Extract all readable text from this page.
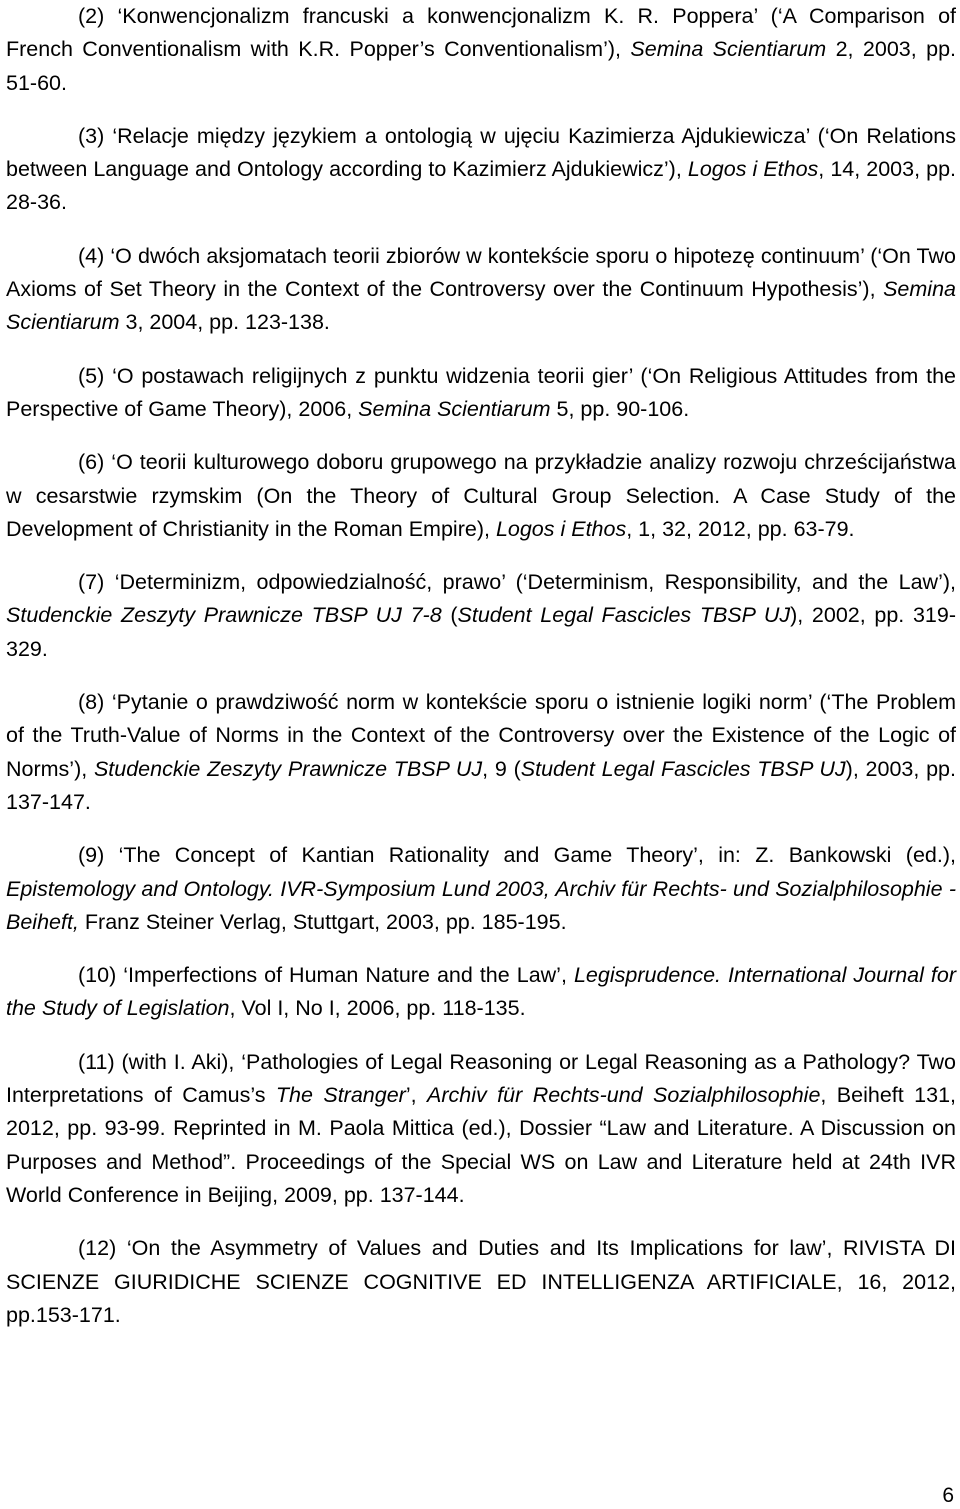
(2) ‘Konwencjonalizm francuski a konwencjonalizm K. R. Poppera’ (‘A Comparison of French Conventionalism with K.R. Popper’s Conventionalism’), Semina Scientiarum 2, 2003, pp. 51-60.

(3) ‘Relacje między językiem a ontologią w ujęciu Kazimierza Ajdukiewicza’ (‘On Relations between Language and Ontology according to Kazimierz Ajdukiewicz’), Logos i Ethos, 14, 2003, pp. 28-36.

(4) ‘O dwóch aksjomatach teorii zbiorów w kontekście sporu o hipotezę continuum’ (‘On Two Axioms of Set Theory in the Context of the Controversy over the Continuum Hypothesis’), Semina Scientiarum 3, 2004, pp. 123-138.

(5) ‘O postawach religijnych z punktu widzenia teorii gier’ (‘On Religious Attitudes from the Perspective of Game Theory), 2006, Semina Scientiarum 5, pp. 90-106.

(6) ‘O teorii kulturowego doboru grupowego na przykładzie analizy rozwoju chrześcijaństwa w cesarstwie rzymskim (On the Theory of Cultural Group Selection. A Case Study of the Development of Christianity in the Roman Empire), Logos i Ethos, 1, 32, 2012, pp. 63-79.

(7) ‘Determinizm, odpowiedzialność, prawo’ (‘Determinism, Responsibility, and the Law’), Studenckie Zeszyty Prawnicze TBSP UJ 7-8 (Student Legal Fascicles TBSP UJ), 2002, pp. 319-329.

(8) ‘Pytanie o prawdziwość norm w kontekście sporu o istnienie logiki norm’ (‘The Problem of the Truth-Value of Norms in the Context of the Controversy over the Existence of the Logic of Norms’), Studenckie Zeszyty Prawnicze TBSP UJ, 9 (Student Legal Fascicles TBSP UJ), 2003, pp. 137-147.

(9) ‘The Concept of Kantian Rationality and Game Theory’, in: Z. Bankowski (ed.), Epistemology and Ontology. IVR-Symposium Lund 2003, Archiv für Rechts- und Sozialphilosophie - Beiheft, Franz Steiner Verlag, Stuttgart, 2003, pp. 185-195.

(10) ‘Imperfections of Human Nature and the Law’, Legisprudence. International Journal for the Study of Legislation, Vol I, No I, 2006, pp. 118-135.

(11) (with I. Aki), ‘Pathologies of Legal Reasoning or Legal Reasoning as a Pathology? Two Interpretations of Camus’s The Stranger’, Archiv für Rechts-und Sozialphilosophie, Beiheft 131, 2012, pp. 93-99. Reprinted in M. Paola Mittica (ed.), Dossier “Law and Literature. A Discussion on Purposes and Method”. Proceedings of the Special WS on Law and Literature held at 24th IVR World Conference in Beijing, 2009, pp. 137-144.

(12) ‘On the Asymmetry of Values and Duties and Its Implications for law’, RIVISTA DI SCIENZE GIURIDICHE SCIENZE COGNITIVE ED INTELLIGENZA ARTIFICIALE, 16, 2012, pp.153-171.

6
